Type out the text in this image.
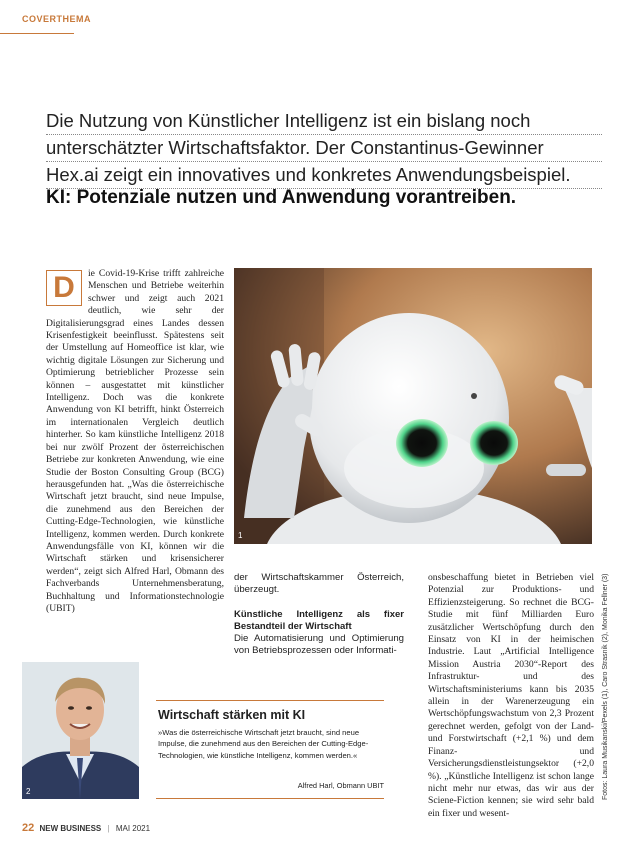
COVERTHEMA
Die Nutzung von Künstlicher Intelligenz ist ein bislang noch
unterschätzter Wirtschaftsfaktor. Der Constantinus-Gewinner
Hex.ai zeigt ein innovatives und konkretes Anwendungsbeispiel.
KI: Potenziale nutzen und Anwendung vorantreiben.
D	ie Covid-19-Krise trifft zahlreiche Menschen und Betriebe weiterhin schwer und zeigt auch 2021 deutlich, wie sehr der Digitalisierungsgrad eines Landes dessen Krisenfestigkeit beeinflusst. Spätestens seit der Umstellung auf Homeoffice ist klar, wie wichtig digitale Lösungen zur Sicherung und Optimierung betrieblicher Prozesse sein können – ausgestattet mit künstlicher Intelligenz. Doch was die konkrete Anwendung von KI betrifft, hinkt Österreich im internationalen Vergleich deutlich hinterher. So kam künstliche Intelligenz 2018 bei nur zwölf Prozent der österreichischen Betriebe zur konkreten Anwendung, wie eine Studie der Boston Consulting Group (BCG) herausgefunden hat. „Was die österreichische Wirtschaft jetzt braucht, sind neue Impulse, die zunehmend aus den Bereichen der Cutting-Edge-Technologien, wie künstliche Intelligenz, kommen werden. Durch konkrete Anwendungsfälle von KI, können wir die Wirtschaft stärken und krisensicherer werden“, zeigt sich Alfred Harl, Obmann des Fachverbands Unternehmensberatung, Buchhaltung und Informationstechnologie (UBIT)
1
Fotos: Laura Musikanski/Pexels (1), Caro Strasnik (2), Monika Fellner (3)
der Wirtschaftskammer Österreich, überzeugt.
Künstliche Intelligenz als fixer Bestandteil der Wirtschaft
Die Automatisierung und Optimierung von Betriebsprozessen oder Informati-
onsbeschaffung bietet in Betrieben viel Potenzial zur Produktions- und Effizienzsteigerung. So rechnet die BCG-Studie mit fünf Milliarden Euro zusätzlicher Wertschöpfung durch den Einsatz von KI in der heimischen Industrie. Laut „Artificial Intelligence Mission Austria 2030“-Report des Infrastruktur- und des Wirtschaftsministeriums kann bis 2035 allein in der Warenerzeugung ein Wertschöpfungswachstum von 2,3 Prozent gerechnet werden, gefolgt von der Land- und Forstwirtschaft (+2,1 %) und dem Finanz- und Versicherungsdienstleistungsektor (+2,0 %). „Künstliche Intelligenz ist schon lange nicht mehr nur etwas, das wir aus der Sciene-Fiction kennen; sie wird sehr bald ein fixer und wesent-
2
Wirtschaft stärken mit KI
»Was die österreichische Wirtschaft jetzt braucht, sind neue Impulse, die zunehmend aus den Bereichen der Cutting-Edge-Technologien, wie künstliche Intelligenz, kommen werden.«
Alfred Harl, Obmann UBIT
22 NEW BUSINESS | MAI 2021
